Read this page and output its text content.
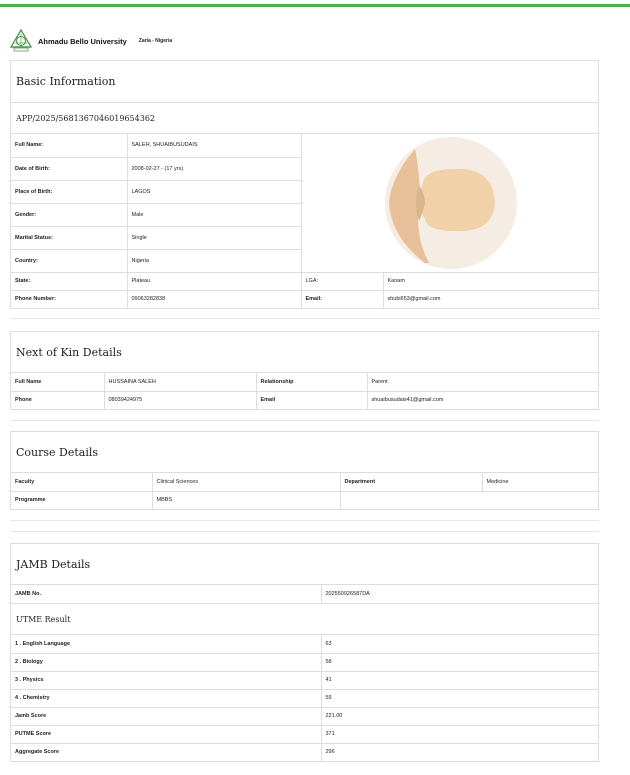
Ahmadu Bello University Zaria - Nigeria
Basic Information
APP/2025/56813670460196543​62
Full Name:	SALEH, SHUAIBUSUDAIS	

Date of Birth:	2008-02-27 - (17 yrs)		
Place of Birth:	LAGOS		
Gender:	Male		
Marital Status:	Single		
Country:	Nigeria		
State:	Plateau	LGA:	Kanam
Phone Number:	09063282838	Email:	shubi653@gmail.com
Next of Kin Details
Full Name	HUSSAINA SALEH	Relationship	Parent
Phone	08039424975	Email	shuaibusudais41@gmail.com
Course Details
Faculty	Clinical Sciences	Department	Medicine
Programme	MBBS		
JAMB Details
JAMB No.	202550926587DA
UTME Result
1 . English Language	63
2 . Biology	58
3 . Physics	41
4 . Chemistry	59
Jamb Score	221.00
PUTME Score	371
Aggregate Score	296
